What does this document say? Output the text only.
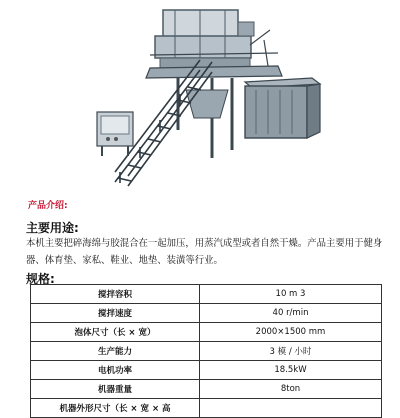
产品介绍:
主要用途:
本机主要把碎海绵与胶混合在一起加压，用蒸汽成型或者自然干燥。产品主要用于健身器、体育垫、家私、鞋业、地垫、装潢等行业。
规格:
搅拌容积	10 m 3
搅拌速度	40 r/min
泡体尺寸（长 × 宽）	2000×1500 mm
生产能力	3 模 / 小时
电机功率	18.5kW
机器重量	8ton
机器外形尺寸（长 × 宽 × 高	
